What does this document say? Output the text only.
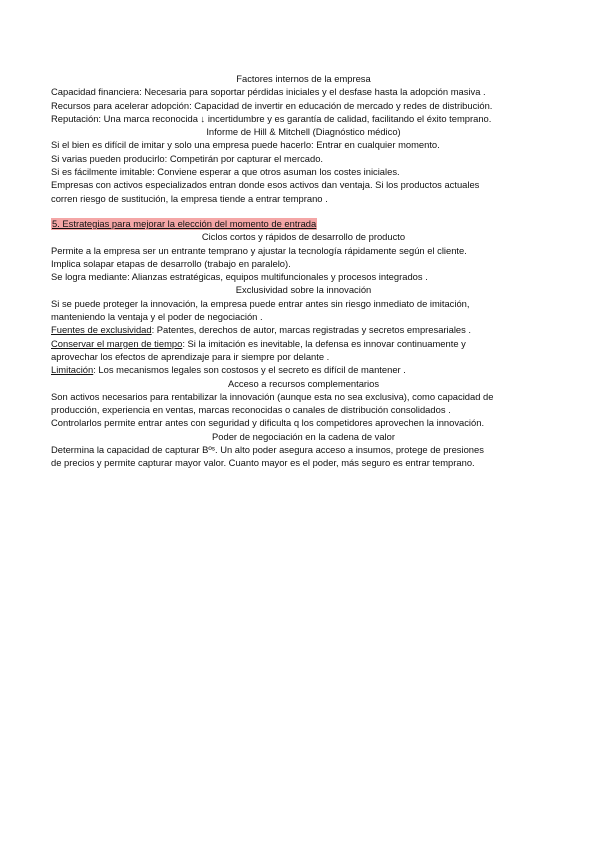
Factores internos de la empresa
Capacidad financiera: Necesaria para soportar pérdidas iniciales y el desfase hasta la adopción masiva .
Recursos para acelerar adopción: Capacidad de invertir en educación de mercado y redes de distribución.
Reputación: Una marca reconocida ↓ incertidumbre y es garantía de calidad, facilitando el éxito temprano.
Informe de Hill & Mitchell (Diagnóstico médico)
Si el bien es difícil de imitar y solo una empresa puede hacerlo: Entrar en cualquier momento.
Si varias pueden producirlo: Competirán por capturar el mercado.
Si es fácilmente imitable: Conviene esperar a que otros asuman los costes iniciales.
Empresas con activos especializados entran donde esos activos dan ventaja. Si los productos actuales
corren riesgo de sustitución, la empresa tiende a entrar temprano .
5. Estrategias para mejorar la elección del momento de entrada
Ciclos cortos y rápidos de desarrollo de producto
Permite a la empresa ser un entrante temprano y ajustar la tecnología rápidamente según el cliente.
Implica solapar etapas de desarrollo (trabajo en paralelo).
Se logra mediante: Alianzas estratégicas, equipos multifuncionales y procesos integrados .
Exclusividad sobre la innovación
Si se puede proteger la innovación, la empresa puede entrar antes sin riesgo inmediato de imitación,
manteniendo la ventaja y el poder de negociación .
Fuentes de exclusividad: Patentes, derechos de autor, marcas registradas y secretos empresariales .
Conservar el margen de tiempo: Si la imitación es inevitable, la defensa es innovar continuamente y
aprovechar los efectos de aprendizaje para ir siempre por delante .
Limitación: Los mecanismos legales son costosos y el secreto es difícil de mantener .
Acceso a recursos complementarios
Son activos necesarios para rentabilizar la innovación (aunque esta no sea exclusiva), como capacidad de
producción, experiencia en ventas, marcas reconocidas o canales de distribución consolidados .
Controlarlos permite entrar antes con seguridad y dificulta q los competidores aprovechen la innovación.
Poder de negociación en la cadena de valor
Determina la capacidad de capturar Bºˢ. Un alto poder asegura acceso a insumos, protege de presiones
de precios y permite capturar mayor valor. Cuanto mayor es el poder, más seguro es entrar temprano.
